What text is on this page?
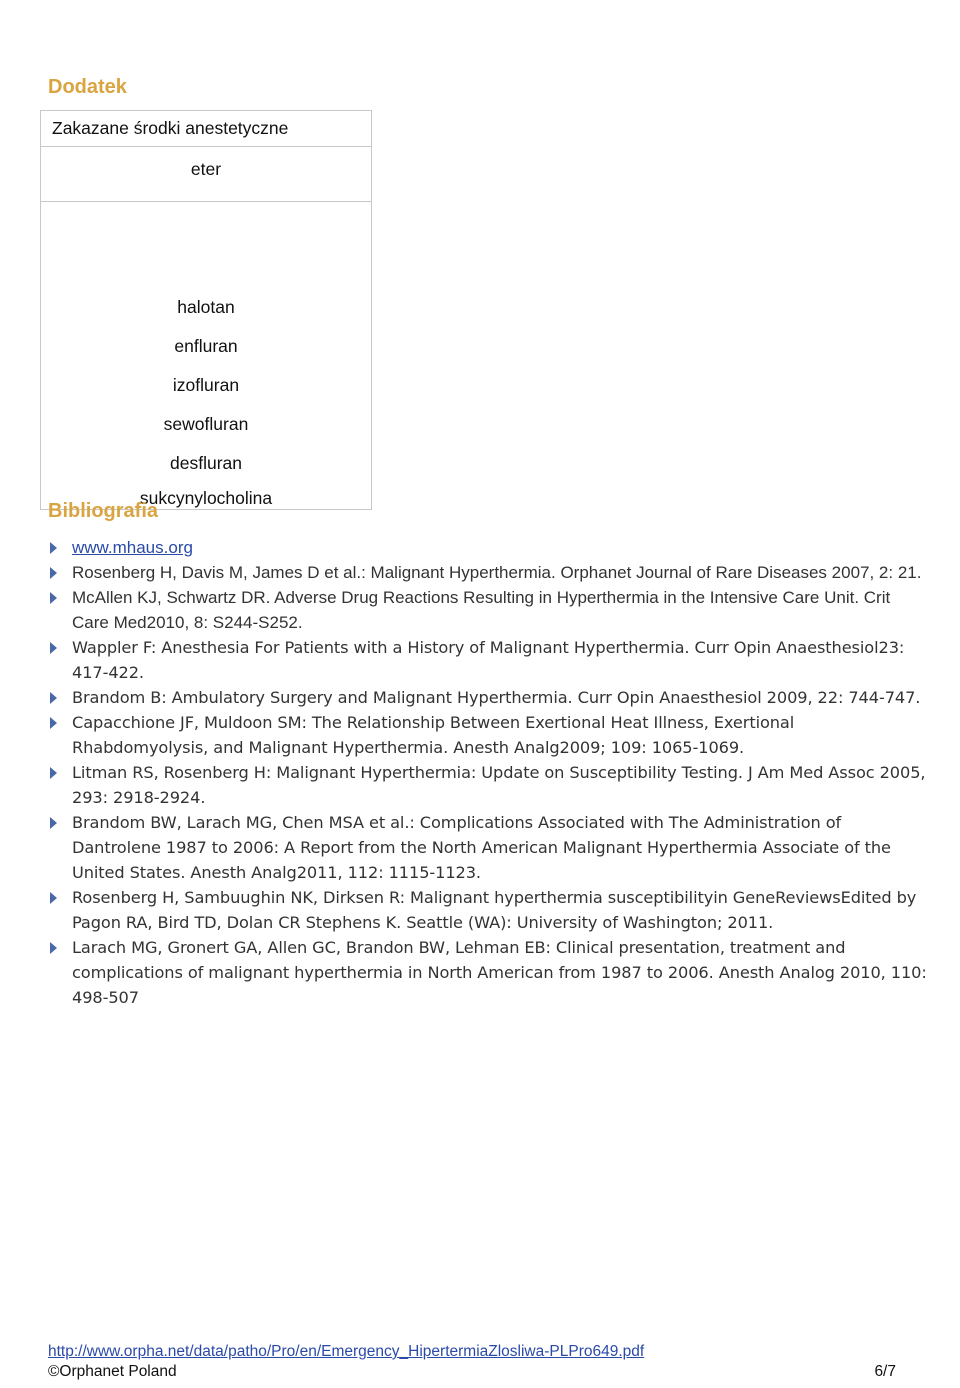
Dodatek
Zakazane środki anestetyczne
eter

halotan
enfluran
izofluran
sewofluran
desfluran
sukcynylocholina
Bibliografia
www.mhaus.org
Rosenberg H, Davis M, James D et al.: Malignant Hyperthermia. Orphanet Journal of Rare Diseases 2007, 2: 21.
McAllen KJ, Schwartz DR. Adverse Drug Reactions Resulting in Hyperthermia in the Intensive Care Unit. Crit Care Med2010, 8: S244-S252.
Wappler F: Anesthesia For Patients with a History of Malignant Hyperthermia. Curr Opin Anaesthesiol23: 417-422.
Brandom B: Ambulatory Surgery and Malignant Hyperthermia. Curr Opin Anaesthesiol 2009, 22: 744-747.
Capacchione JF, Muldoon SM: The Relationship Between Exertional Heat Illness, Exertional Rhabdomyolysis, and Malignant Hyperthermia. Anesth Analg2009; 109: 1065-1069.
Litman RS, Rosenberg H: Malignant Hyperthermia: Update on Susceptibility Testing. J Am Med Assoc 2005, 293: 2918-2924.
Brandom BW, Larach MG, Chen MSA et al.: Complications Associated with The Administration of Dantrolene 1987 to 2006: A Report from the North American Malignant Hyperthermia Associate of the United States. Anesth Analg2011, 112: 1115-1123.
Rosenberg H, Sambuughin NK, Dirksen R: Malignant hyperthermia susceptibilityin GeneReviewsEdited by Pagon RA, Bird TD, Dolan CR Stephens K. Seattle (WA): University of Washington; 2011.
Larach MG, Gronert GA, Allen GC, Brandon BW, Lehman EB: Clinical presentation, treatment and complications of malignant hyperthermia in North American from 1987 to 2006. Anesth Analog 2010, 110: 498-507
http://www.orpha.net/data/patho/Pro/en/Emergency_HipertermiaZlosliwa-PLPro649.pdf
©Orphanet Poland	6/7
